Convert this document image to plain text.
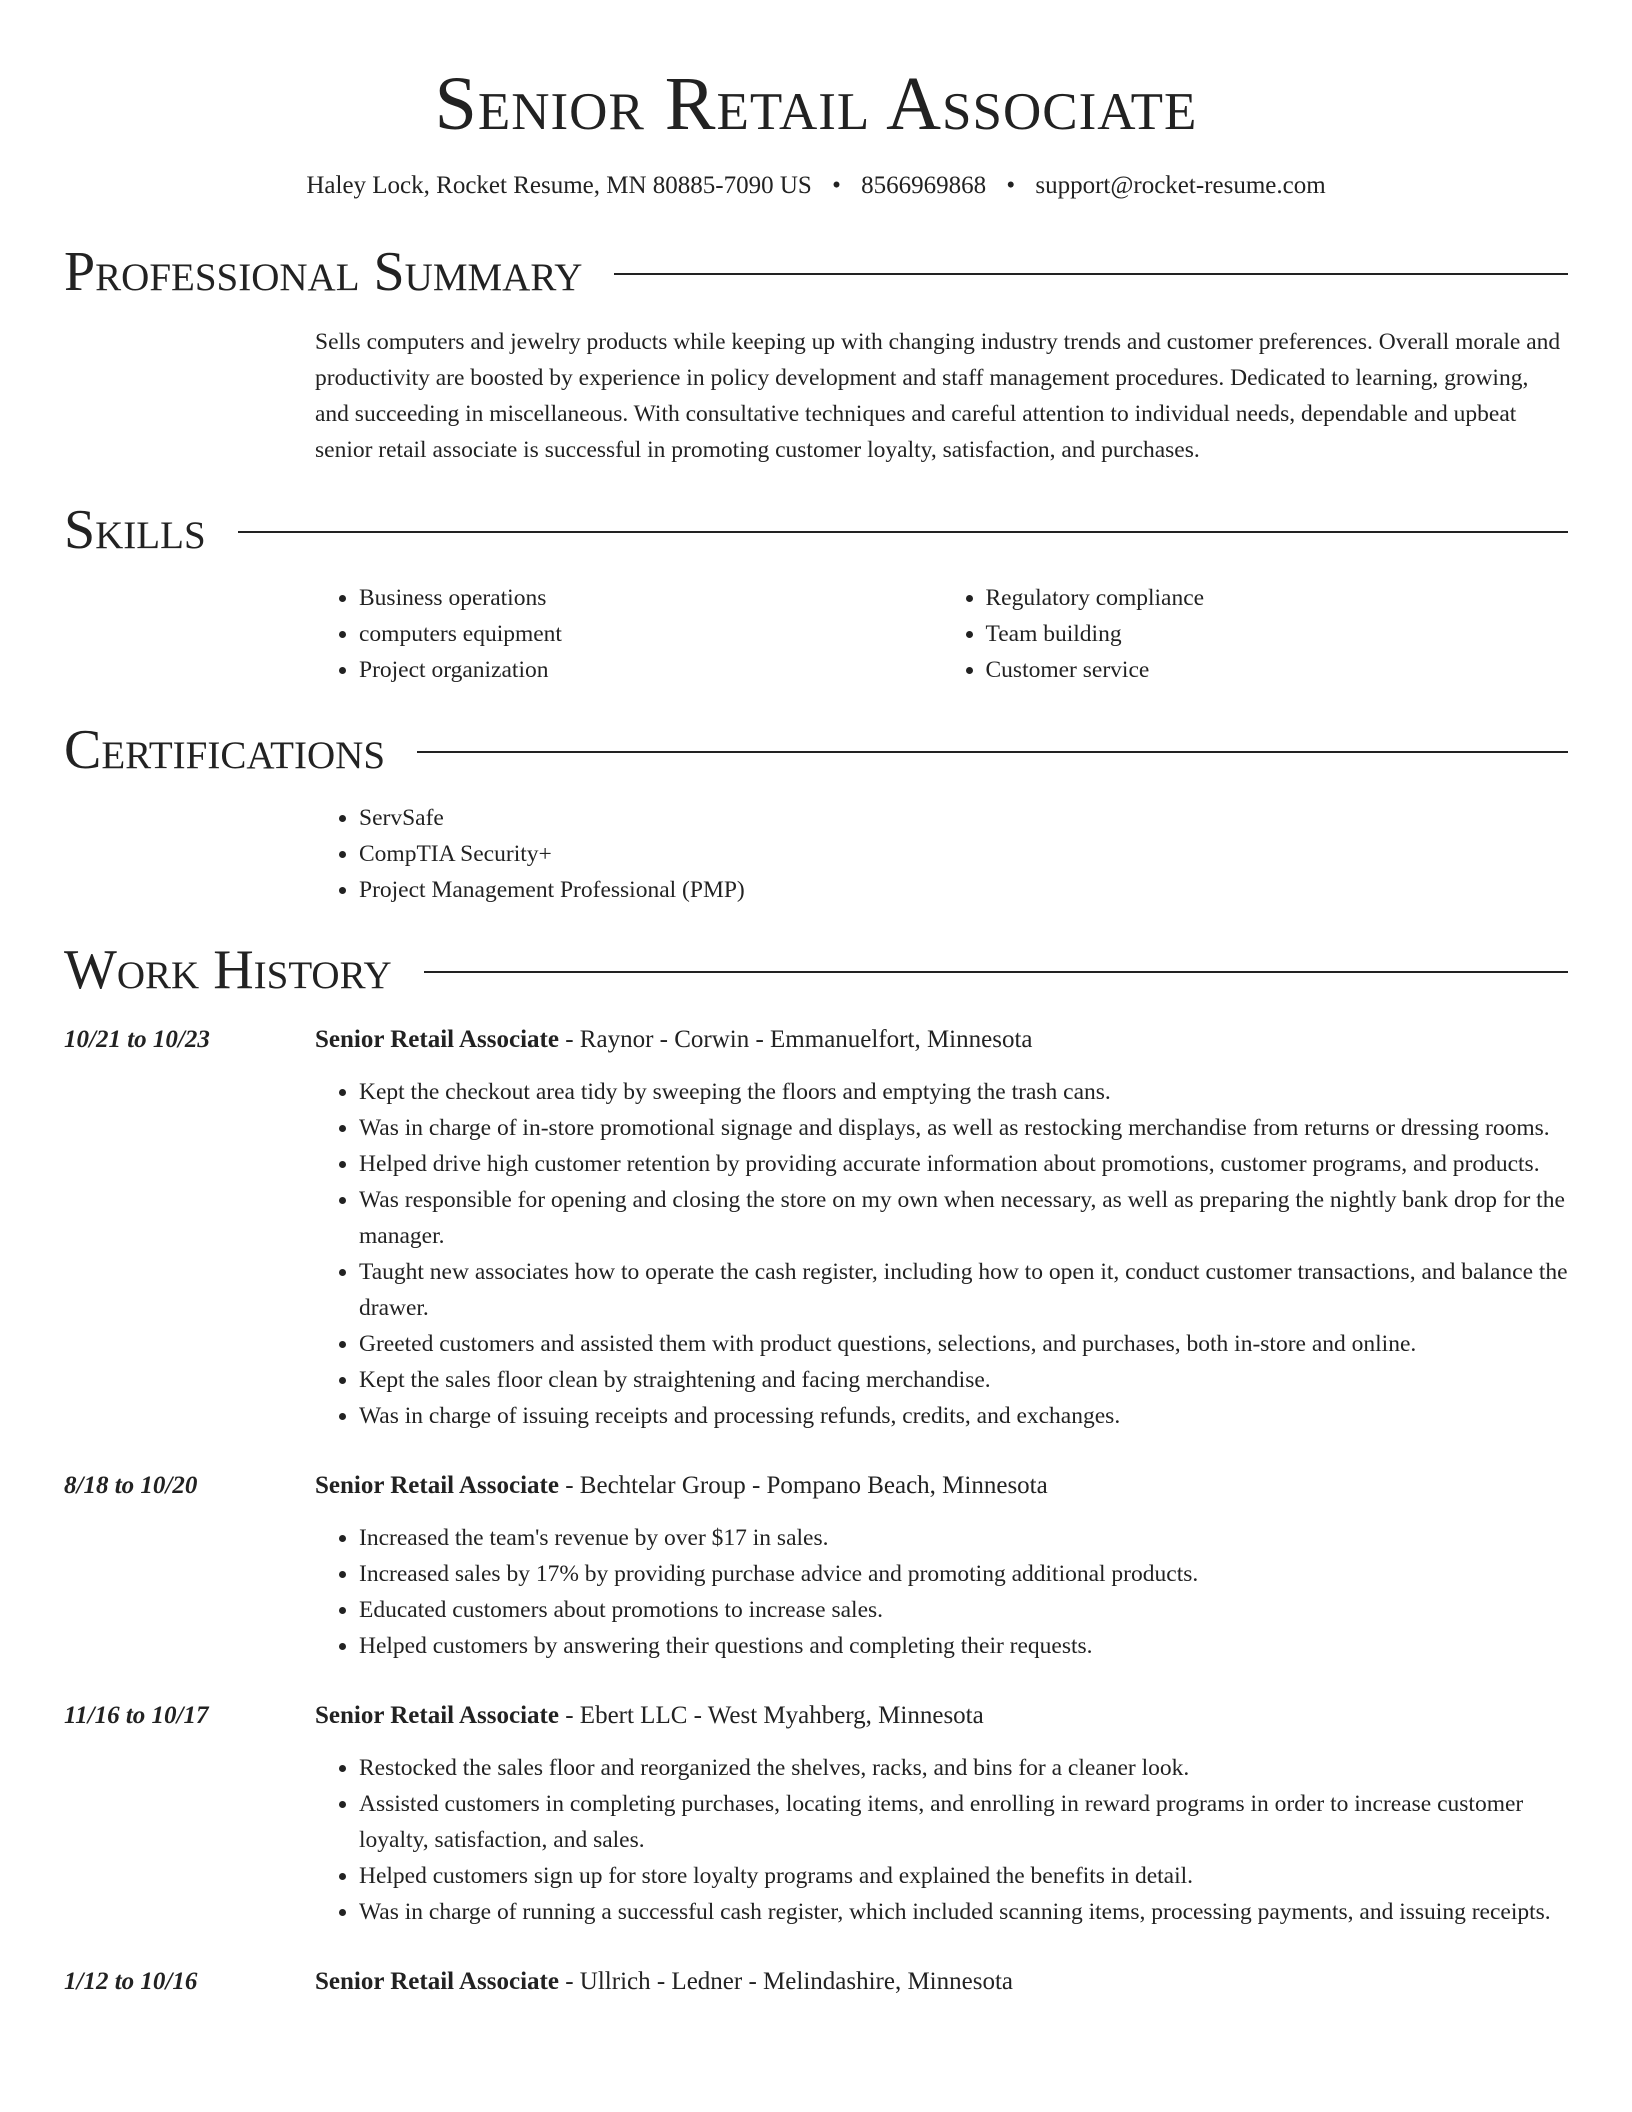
Senior Retail Associate
Haley Lock, Rocket Resume, MN 80885-7090 US • 8566969868 • support@rocket-resume.com
Professional Summary

Sells computers and jewelry products while keeping up with changing industry trends and customer preferences. Overall morale and productivity are boosted by experience in policy development and staff management procedures. Dedicated to learning, growing, and succeeding in miscellaneous. With consultative techniques and careful attention to individual needs, dependable and upbeat senior retail associate is successful in promoting customer loyalty, satisfaction, and purchases.

Skills
• Business operations
• computers equipment
• Project organization
• Regulatory compliance
• Team building
• Customer service
Certifications
• ServSafe
• CompTIA Security+
• Project Management Professional (PMP)
Work History
10/21 to 10/23	Senior Retail Associate - Raynor - Corwin - Emmanuelfort, Minnesota
• Kept the checkout area tidy by sweeping the floors and emptying the trash cans.
• Was in charge of in-store promotional signage and displays, as well as restocking merchandise from returns or dressing rooms.
• Helped drive high customer retention by providing accurate information about promotions, customer programs, and products.
• Was responsible for opening and closing the store on my own when necessary, as well as preparing the nightly bank drop for the manager.
• Taught new associates how to operate the cash register, including how to open it, conduct customer transactions, and balance the drawer.
• Greeted customers and assisted them with product questions, selections, and purchases, both in-store and online.
• Kept the sales floor clean by straightening and facing merchandise.
• Was in charge of issuing receipts and processing refunds, credits, and exchanges.
8/18 to 10/20	Senior Retail Associate - Bechtelar Group - Pompano Beach, Minnesota
• Increased the team's revenue by over $17 in sales.
• Increased sales by 17% by providing purchase advice and promoting additional products.
• Educated customers about promotions to increase sales.
• Helped customers by answering their questions and completing their requests.
11/16 to 10/17	Senior Retail Associate - Ebert LLC - West Myahberg, Minnesota
• Restocked the sales floor and reorganized the shelves, racks, and bins for a cleaner look.
• Assisted customers in completing purchases, locating items, and enrolling in reward programs in order to increase customer loyalty, satisfaction, and sales.
• Helped customers sign up for store loyalty programs and explained the benefits in detail.
• Was in charge of running a successful cash register, which included scanning items, processing payments, and issuing receipts.
1/12 to 10/16	Senior Retail Associate - Ullrich - Ledner - Melindashire, Minnesota
